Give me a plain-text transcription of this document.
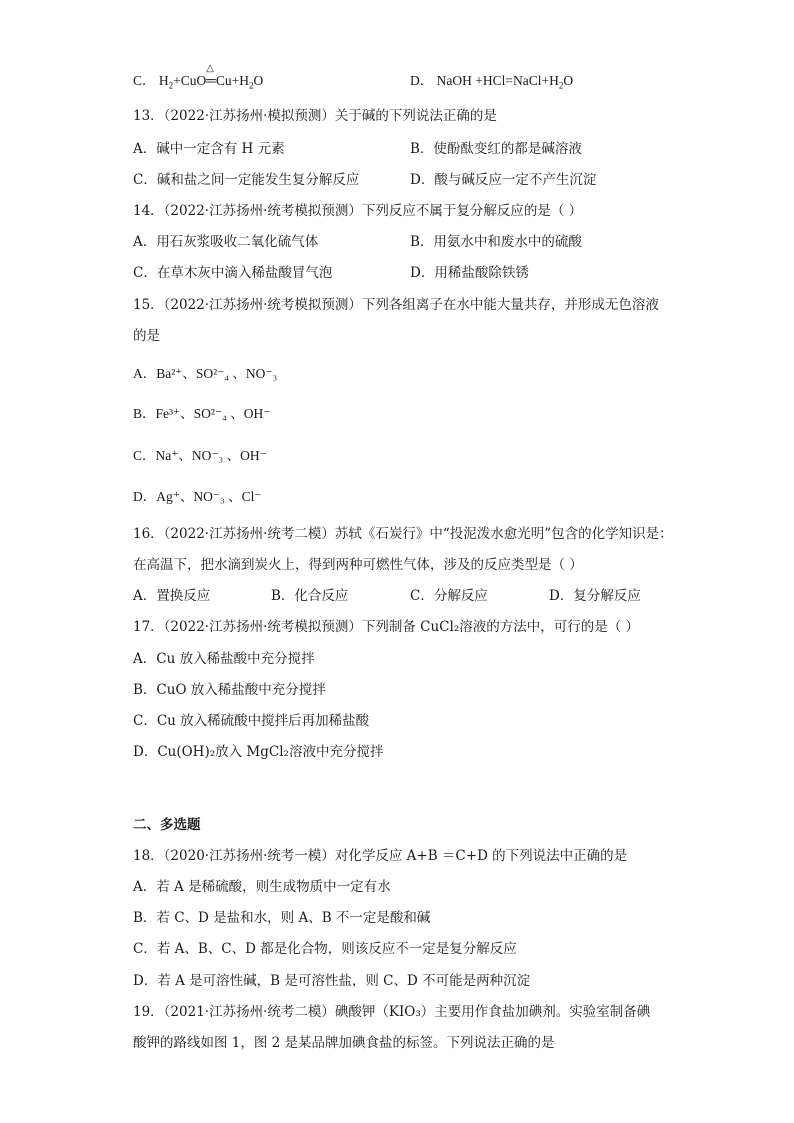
C． $H_2+CuO$
△
$═Cu+H_2O$	D． NaOH $+HCl=NaCl+H_2O$
13．（2022·江苏扬州·模拟预测）关于碱的下列说法正确的是
A．碱中一定含有 H 元素	B．使酚酞变红的都是碱溶液
C．碱和盐之间一定能发生复分解反应	D．酸与碱反应一定不产生沉淀
14．（2022·江苏扬州·统考模拟预测）下列反应不属于复分解反应的是（ ）
A．用石灰浆吸收二氧化硫气体	B．用氨水中和废水中的硫酸
C．在草木灰中滴入稀盐酸冒气泡	D．用稀盐酸除铁锈
15．（2022·江苏扬州·统考模拟预测）下列各组离子在水中能大量共存，并形成无色溶液
的是
A．Ba²⁺、SO²⁻₄ 、NO⁻₃
B．Fe³⁺、SO²⁻₄ 、OH⁻
C．Na⁺、NO⁻₃ 、OH⁻
D．Ag⁺、NO⁻₃ 、Cl⁻
16．（2022·江苏扬州·统考二模）苏轼《石炭行》中“投泥泼水愈光明”包含的化学知识是：
在高温下，把水滴到炭火上，得到两种可燃性气体，涉及的反应类型是（ ）
A．置换反应	B．化合反应	C．分解反应	D．复分解反应
17．（2022·江苏扬州·统考模拟预测）下列制备 CuCl₂溶液的方法中，可行的是（ ）
A．Cu 放入稀盐酸中充分搅拌
B．CuO 放入稀盐酸中充分搅拌
C．Cu 放入稀硫酸中搅拌后再加稀盐酸
D．Cu(OH)₂放入 MgCl₂溶液中充分搅拌
二、多选题
18．（2020·江苏扬州·统考一模）对化学反应 A+B ＝C+D 的下列说法中正确的是
A．若 A 是稀硫酸，则生成物质中一定有水
B．若 C、D 是盐和水，则 A、B 不一定是酸和碱
C．若 A、B、C、D 都是化合物，则该反应不一定是复分解反应
D．若 A 是可溶性碱，B 是可溶性盐，则 C、D 不可能是两种沉淀
19．（2021·江苏扬州·统考二模）碘酸钾（KIO₃）主要用作食盐加碘剂。实验室制备碘
酸钾的路线如图 1，图 2 是某品牌加碘食盐的标签。下列说法正确的是
